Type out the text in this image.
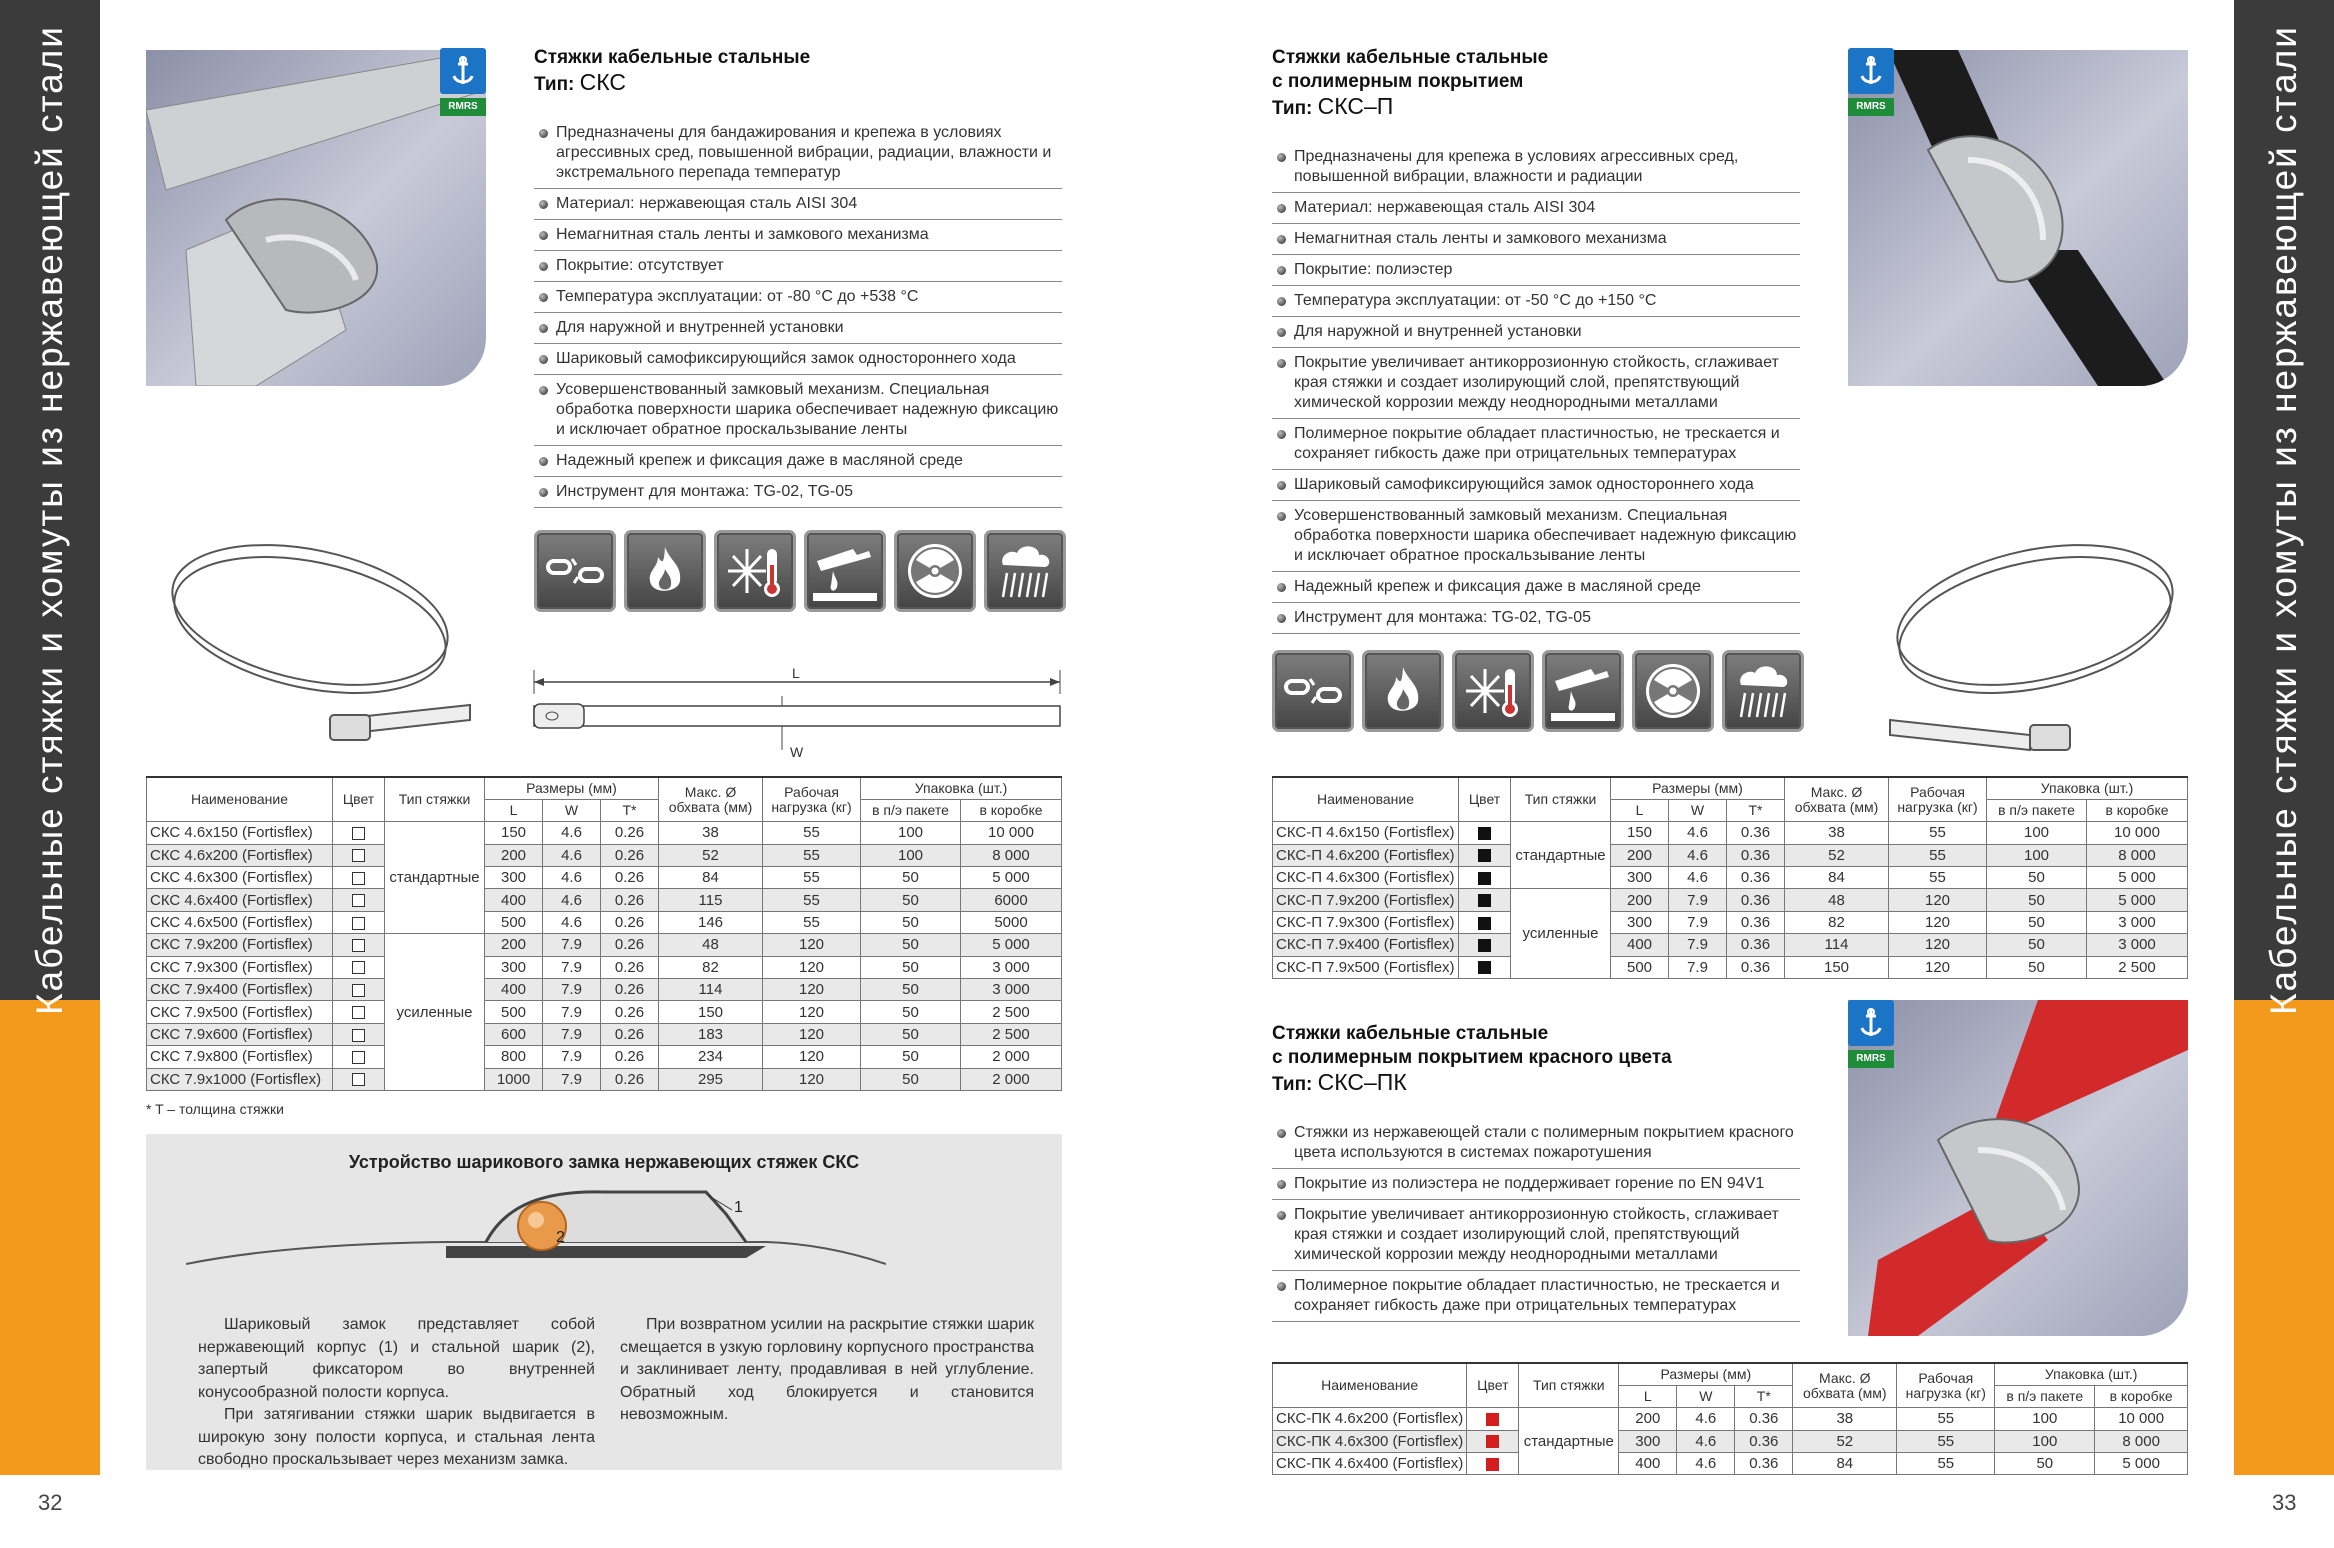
Кабельные стяжки и хомуты из нержавеющей стали
32
Кабельные стяжки и хомуты из нержавеющей стали
33
RMRS
Стяжки кабельные стальные
Тип: СКС
Предназначены для бандажирования и крепежа в условиях агрессивных сред, повышенной вибрации, радиации, влажности и экстремального перепада температур
Материал: нержавеющая сталь AISI 304
Немагнитная сталь ленты и замкового механизма
Покрытие: отсутствует
Температура эксплуатации: от -80 °С до +538 °С
Для наружной и внутренней установки
Шариковый самофиксирующийся замок одностороннего хода
Усовершенствованный замковый механизм. Специальная обработка поверхности шарика обеспечивает надежную фиксацию и исключает обратное проскальзывание ленты
Надежный крепеж и фиксация даже в масляной среде
Инструмент для монтажа: TG-02, TG-05
L
W
Наименование	Цвет	Тип стяжки	Размеры (мм)			Макс. Ø обхвата (мм)	Рабочая нагрузка (кг)	Упаковка (шт.)	
			L	W	T*			в п/э пакете	в коробке
СКС 4.6х150 (Fortisflex)		стандартные	150	4.6	0.26	38	55	100	10 000
СКС 4.6х200 (Fortisflex)			200	4.6	0.26	52	55	100	8 000
СКС 4.6х300 (Fortisflex)			300	4.6	0.26	84	55	50	5 000
СКС 4.6х400 (Fortisflex)			400	4.6	0.26	115	55	50	6000
СКС 4.6х500 (Fortisflex)			500	4.6	0.26	146	55	50	5000
СКС 7.9х200 (Fortisflex)		усиленные	200	7.9	0.26	48	120	50	5 000
СКС 7.9х300 (Fortisflex)			300	7.9	0.26	82	120	50	3 000
СКС 7.9х400 (Fortisflex)			400	7.9	0.26	114	120	50	3 000
СКС 7.9х500 (Fortisflex)			500	7.9	0.26	150	120	50	2 500
СКС 7.9х600 (Fortisflex)			600	7.9	0.26	183	120	50	2 500
СКС 7.9х800 (Fortisflex)			800	7.9	0.26	234	120	50	2 000
СКС 7.9х1000 (Fortisflex)			1000	7.9	0.26	295	120	50	2 000
* T – толщина стяжки
Устройство шарикового замка нержавеющих стяжек СКС
1
2
Шариковый замок представляет собой нержавеющий корпус (1) и стальной шарик (2), запертый фиксатором во внутренней конусообразной полости корпуса.
При затягивании стяжки шарик выдвигается в широкую зону полости корпуса, и стальная лента свободно проскальзывает через механизм замка.
При возвратном усилии на раскрытие стяжки шарик смещается в узкую горловину корпусного пространства и заклинивает ленту, продавливая в ней углубление. Обратный ход блокируется и становится невозможным.
Стяжки кабельные стальные
с полимерным покрытием
Тип: СКС–П
Предназначены для крепежа в условиях агрессивных сред, повышенной вибрации, влажности и радиации
Материал: нержавеющая сталь AISI 304
Немагнитная сталь ленты и замкового механизма
Покрытие: полиэстер
Температура эксплуатации: от -50 °С до +150 °С
Для наружной и внутренней установки
Покрытие увеличивает антикоррозионную стойкость, сглаживает края стяжки и создает изолирующий слой, препятствующий химической коррозии между неоднородными металлами
Полимерное покрытие обладает пластичностью, не трескается и сохраняет гибкость даже при отрицательных температурах
Шариковый самофиксирующийся замок одностороннего хода
Усовершенствованный замковый механизм. Специальная обработка поверхности шарика обеспечивает надежную фиксацию и исключает обратное проскальзывание ленты
Надежный крепеж и фиксация даже в масляной среде
Инструмент для монтажа: TG-02, TG-05
RMRS
Наименование	Цвет	Тип стяжки	Размеры (мм)			Макс. Ø обхвата (мм)	Рабочая нагрузка (кг)	Упаковка (шт.)	
			L	W	T*			в п/э пакете	в коробке
СКС-П 4.6х150 (Fortisflex)		стандартные	150	4.6	0.36	38	55	100	10 000
СКС-П 4.6х200 (Fortisflex)			200	4.6	0.36	52	55	100	8 000
СКС-П 4.6х300 (Fortisflex)			300	4.6	0.36	84	55	50	5 000
СКС-П 7.9х200 (Fortisflex)		усиленные	200	7.9	0.36	48	120	50	5 000
СКС-П 7.9х300 (Fortisflex)			300	7.9	0.36	82	120	50	3 000
СКС-П 7.9х400 (Fortisflex)			400	7.9	0.36	114	120	50	3 000
СКС-П 7.9х500 (Fortisflex)			500	7.9	0.36	150	120	50	2 500
Стяжки кабельные стальные
с полимерным покрытием красного цвета
Тип: СКС–ПК
Стяжки из нержавеющей стали с полимерным покрытием красного цвета используются в системах пожаротушения
Покрытие из полиэстера не поддерживает горение по EN 94V1
Покрытие увеличивает антикоррозионную стойкость, сглаживает края стяжки и создает изолирующий слой, препятствующий химической коррозии между неоднородными металлами
Полимерное покрытие обладает пластичностью, не трескается и сохраняет гибкость даже при отрицательных температурах
RMRS
Наименование	Цвет	Тип стяжки	Размеры (мм)			Макс. Ø обхвата (мм)	Рабочая нагрузка (кг)	Упаковка (шт.)	
			L	W	T*			в п/э пакете	в коробке
СКС-ПК 4.6х200 (Fortisflex)		стандартные	200	4.6	0.36	38	55	100	10 000
СКС-ПК 4.6х300 (Fortisflex)			300	4.6	0.36	52	55	100	8 000
СКС-ПК 4.6х400 (Fortisflex)			400	4.6	0.36	84	55	50	5 000
